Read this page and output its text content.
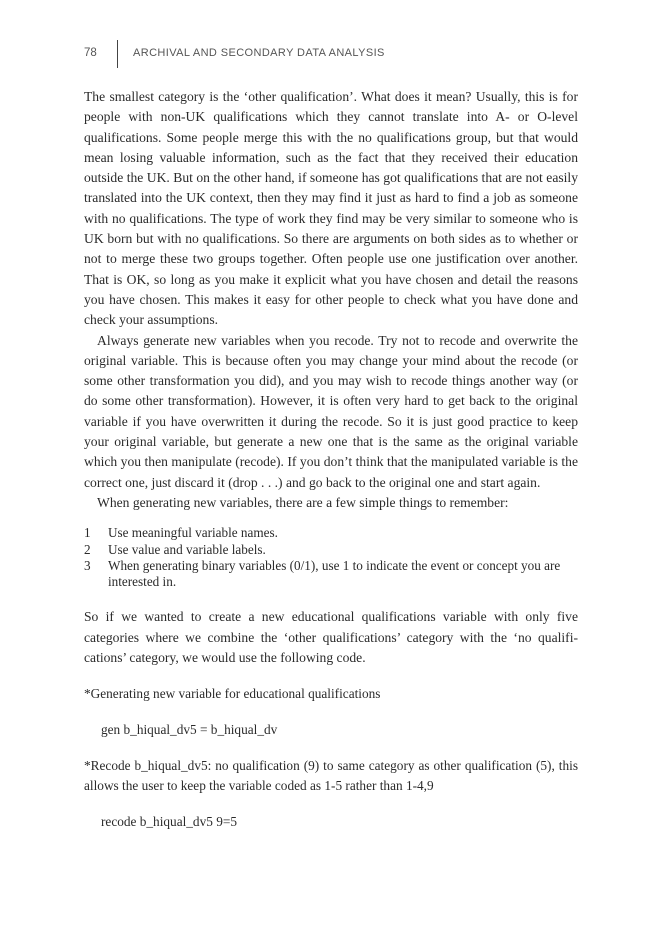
78	ARCHIVAL AND SECONDARY DATA ANALYSIS

The smallest category is the ‘other qualification’. What does it mean? Usually, this is for people with non-UK qualifications which they cannot translate into A- or O-level qualifications. Some people merge this with the no qualifications group, but that would mean losing valuable information, such as the fact that they received their education outside the UK. But on the other hand, if someone has got qualifications that are not easily translated into the UK context, then they may find it just as hard to find a job as someone with no qualifications. The type of work they find may be very similar to someone who is UK born but with no qualifications. So there are arguments on both sides as to whether or not to merge these two groups together. Often people use one justification over another. That is OK, so long as you make it explicit what you have chosen and detail the reasons you have chosen. This makes it easy for other people to check what you have done and check your assumptions.

Always generate new variables when you recode. Try not to recode and overwrite the original variable. This is because often you may change your mind about the recode (or some other transformation you did), and you may wish to recode things another way (or do some other transformation). However, it is often very hard to get back to the original variable if you have overwritten it during the recode. So it is just good practice to keep your original variable, but generate a new one that is the same as the original variable which you then manipulate (recode). If you don’t think that the manipulated variable is the correct one, just discard it (drop . . .) and go back to the original one and start again.

When generating new variables, there are a few simple things to remember:

1	Use meaningful variable names.
2	Use value and variable labels.
3	When generating binary variables (0/1), use 1 to indicate the event or concept you are interested in.

So if we wanted to create a new educational qualifications variable with only five categories where we combine the ‘other qualifications’ category with the ‘no qualifications’ category, we would use the following code.

*Generating new variable for educational qualifications

gen b_hiqual_dv5 = b_hiqual_dv

*Recode b_hiqual_dv5: no qualification (9) to same category as other qualification (5), this allows the user to keep the variable coded as 1-5 rather than 1-4,9

recode b_hiqual_dv5 9=5
